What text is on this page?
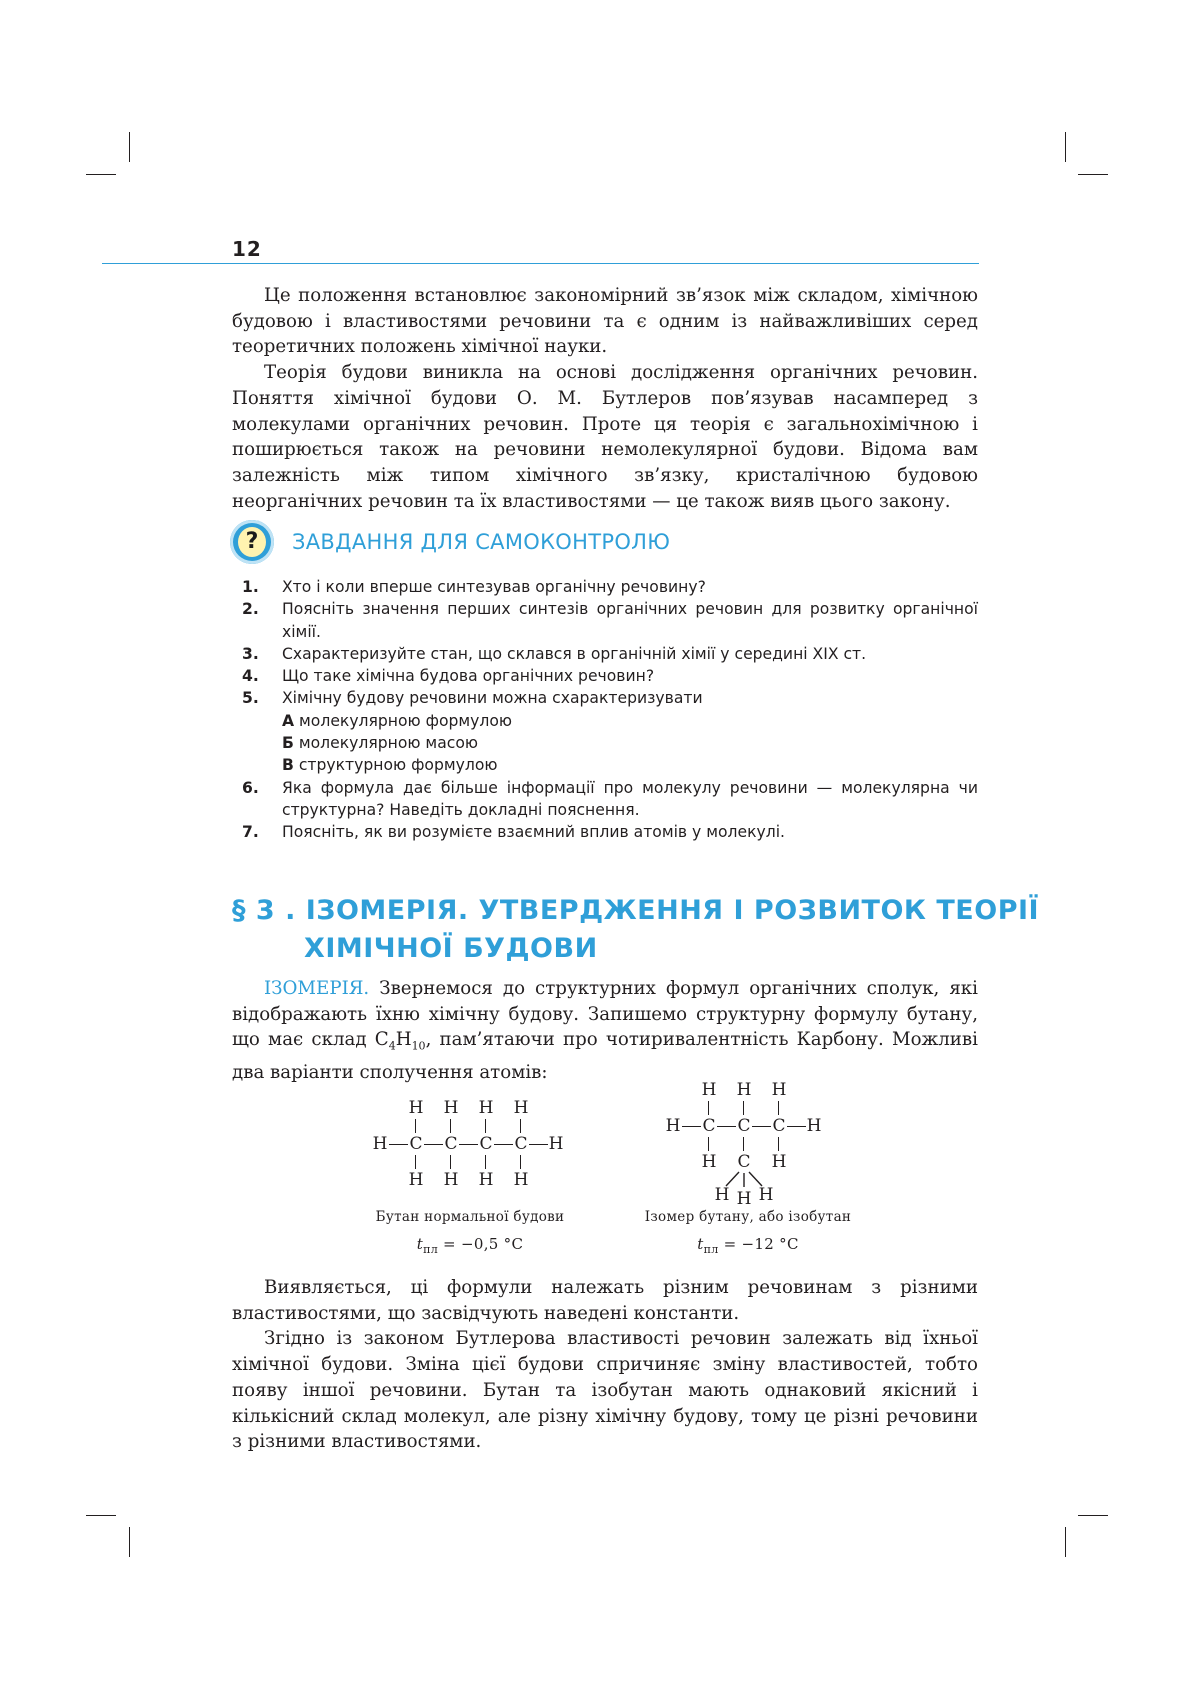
12

Це положення встановлює закономірний зв’язок між складом, хімічною будовою і властивостями речовини та є одним із найважливіших серед теоретичних положень хімічної науки.

Теорія будови виникла на основі дослідження органічних речовин. Поняття хімічної будови О. М. Бутлеров пов’язував насамперед з молекулами органічних речовин. Проте ця теорія є загальнохімічною і поширюється також на речовини немолекулярної будови. Відома вам залежність між типом хімічного зв’язку, кристалічною будовою неорганічних речовин та їх властивостями — це також вияв цього закону.

?	ЗАВДАННЯ ДЛЯ САМОКОНТРОЛЮ
1.	Хто і коли вперше синтезував органічну речовину?
2.	Поясніть значення перших синтезів органічних речовин для розвитку органічної хімії.
3.	Схарактеризуйте стан, що склався в органічній хімії у середині XIX ст.
4.	Що таке хімічна будова органічних речовин?
5.	Хімічну будову речовини можна схарактеризувати
А молекулярною формулою
Б молекулярною масою
В структурною формулою
6.	Яка формула дає більше інформації про молекулу речовини — молекулярна чи структурна? Наведіть докладні пояснення.
7.	Поясніть, як ви розумієте взаємний вплив атомів у молекулі.
§ 3 . ІЗОМЕРІЯ. УТВЕРДЖЕННЯ І РОЗВИТОК ТЕОРІЇ
ХІМІЧНОЇ БУДОВИ

ІЗОМЕРІЯ. Звернемося до структурних формул органічних сполук, які відображають їхню хімічну будову. Запишемо структурну формулу бутану, що має склад $C_4H_{10}$, пам’ятаючи про чотиривалентність Карбону. Можливі два варіанти сполучення атомів:

H H H H
H C C C C H
H H H H
H H H
H C C C H
H C H
H H H
Бутан нормальної будови
$t_{пл} = -0,5$ °C
Ізомер бутану, або ізобутан
$t_{пл} = -12$ °C

Виявляється, ці формули належать різним речовинам з різними властивостями, що засвідчують наведені константи.

Згідно із законом Бутлерова властивості речовин залежать від їхньої хімічної будови. Зміна цієї будови спричиняє зміну властивостей, тобто появу іншої речовини. Бутан та ізобутан мають однаковий якісний і кількісний склад молекул, але різну хімічну будову, тому це різні речовини з різними властивостями.
